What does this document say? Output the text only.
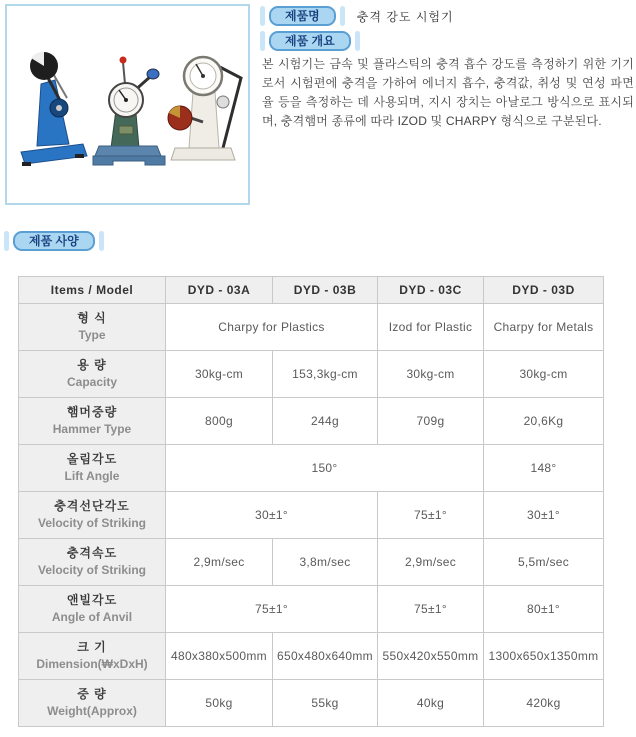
제품명	충격 강도 시험기
제품 개요
본 시험기는 금속 및 플라스틱의 충격 흡수 강도를 측정하기 위한 기기로서 시험편에 충격을 가하여 에너지 흡수, 충격값, 취성 및 연성 파면율 등을 측정하는 데 사용되며, 지시 장치는 아날로그 방식으로 표시되며, 충격햄머 종류에 따라 IZOD 및 CHARPY 형식으로 구분된다.
제품 사양
Items / Model	DYD - 03A	DYD - 03B	DYD - 03C	DYD - 03D

형 식
Type	Charpy for Plastics		Izod for Plastic	Charpy for Metals

용 량
Capacity	30kg-cm	153,3kg-cm	30kg-cm	30kg-cm

햄머중량
Hammer Type	800g	244g	709g	20,6Kg

올림각도
Lift Angle	150°			148°

충격선단각도
Velocity of Striking	30±1°		75±1°	30±1°

충격속도
Velocity of Striking	2,9m/sec	3,8m/sec	2,9m/sec	5,5m/sec

앤빌각도
Angle of Anvil	75±1°		75±1°	80±1°

크 기
Dimension(₩xDxH)	480x380x500mm	650x480x640mm	550x420x550mm	1300x650x1350mm

중 량
Weight(Approx)	50kg	55kg	40kg	420kg
